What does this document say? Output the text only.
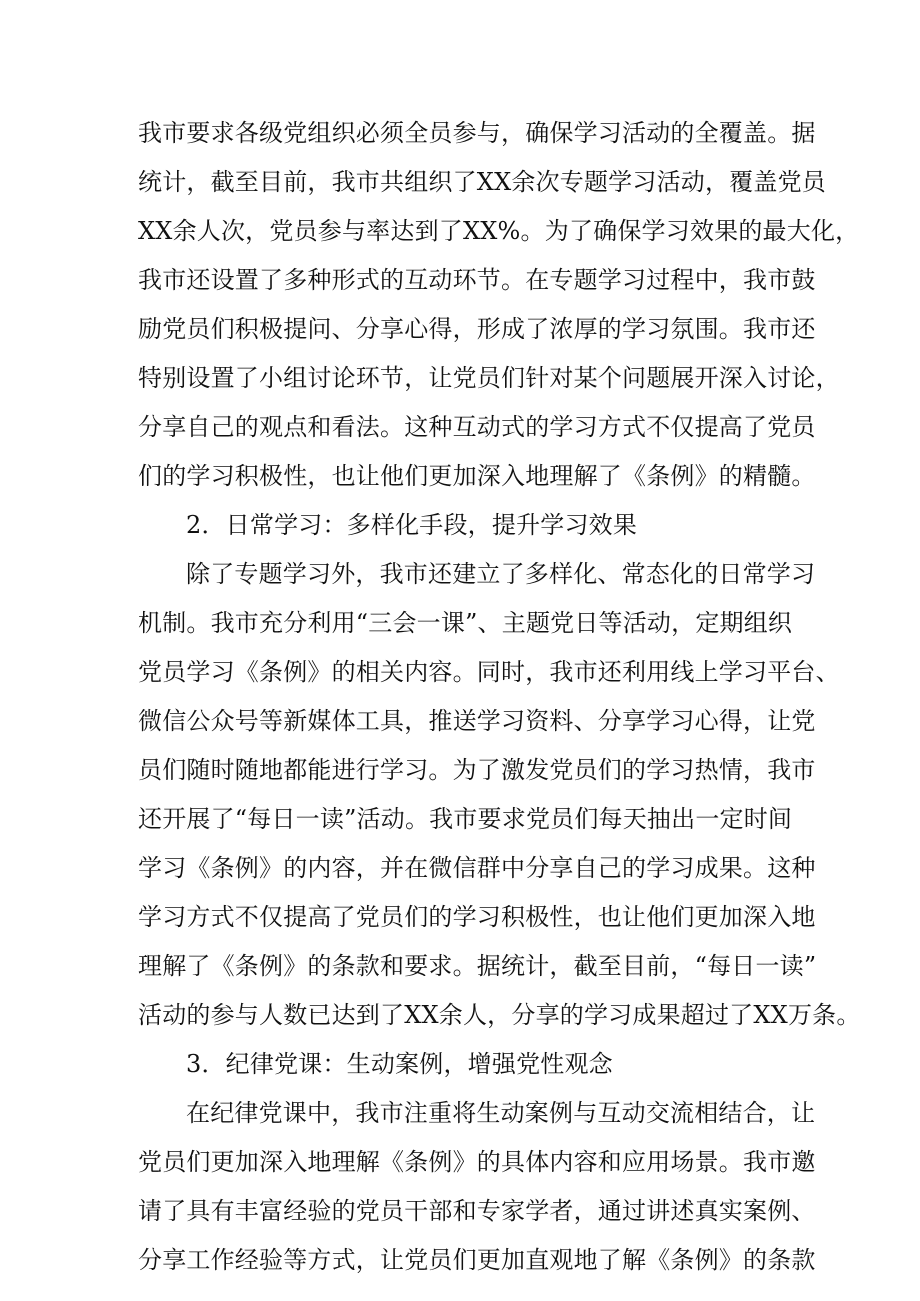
我市要求各级党组织必须全员参与，确保学习活动的全覆盖。据
统计，截至目前，我市共组织了XX余次专题学习活动，覆盖党员
XX余人次，党员参与率达到了XX%。为了确保学习效果的最大化，
我市还设置了多种形式的互动环节。在专题学习过程中，我市鼓
励党员们积极提问、分享心得，形成了浓厚的学习氛围。我市还
特别设置了小组讨论环节，让党员们针对某个问题展开深入讨论，
分享自己的观点和看法。这种互动式的学习方式不仅提高了党员
们的学习积极性，也让他们更加深入地理解了《条例》的精髓。
2．日常学习：多样化手段，提升学习效果
除了专题学习外，我市还建立了多样化、常态化的日常学习
机制。我市充分利用“三会一课”、主题党日等活动，定期组织
党员学习《条例》的相关内容。同时，我市还利用线上学习平台、
微信公众号等新媒体工具，推送学习资料、分享学习心得，让党
员们随时随地都能进行学习。为了激发党员们的学习热情，我市
还开展了“每日一读”活动。我市要求党员们每天抽出一定时间
学习《条例》的内容，并在微信群中分享自己的学习成果。这种
学习方式不仅提高了党员们的学习积极性，也让他们更加深入地
理解了《条例》的条款和要求。据统计，截至目前，“每日一读”
活动的参与人数已达到了XX余人，分享的学习成果超过了XX万条。
3．纪律党课：生动案例，增强党性观念
在纪律党课中，我市注重将生动案例与互动交流相结合，让
党员们更加深入地理解《条例》的具体内容和应用场景。我市邀
请了具有丰富经验的党员干部和专家学者，通过讲述真实案例、
分享工作经验等方式，让党员们更加直观地了解《条例》的条款
